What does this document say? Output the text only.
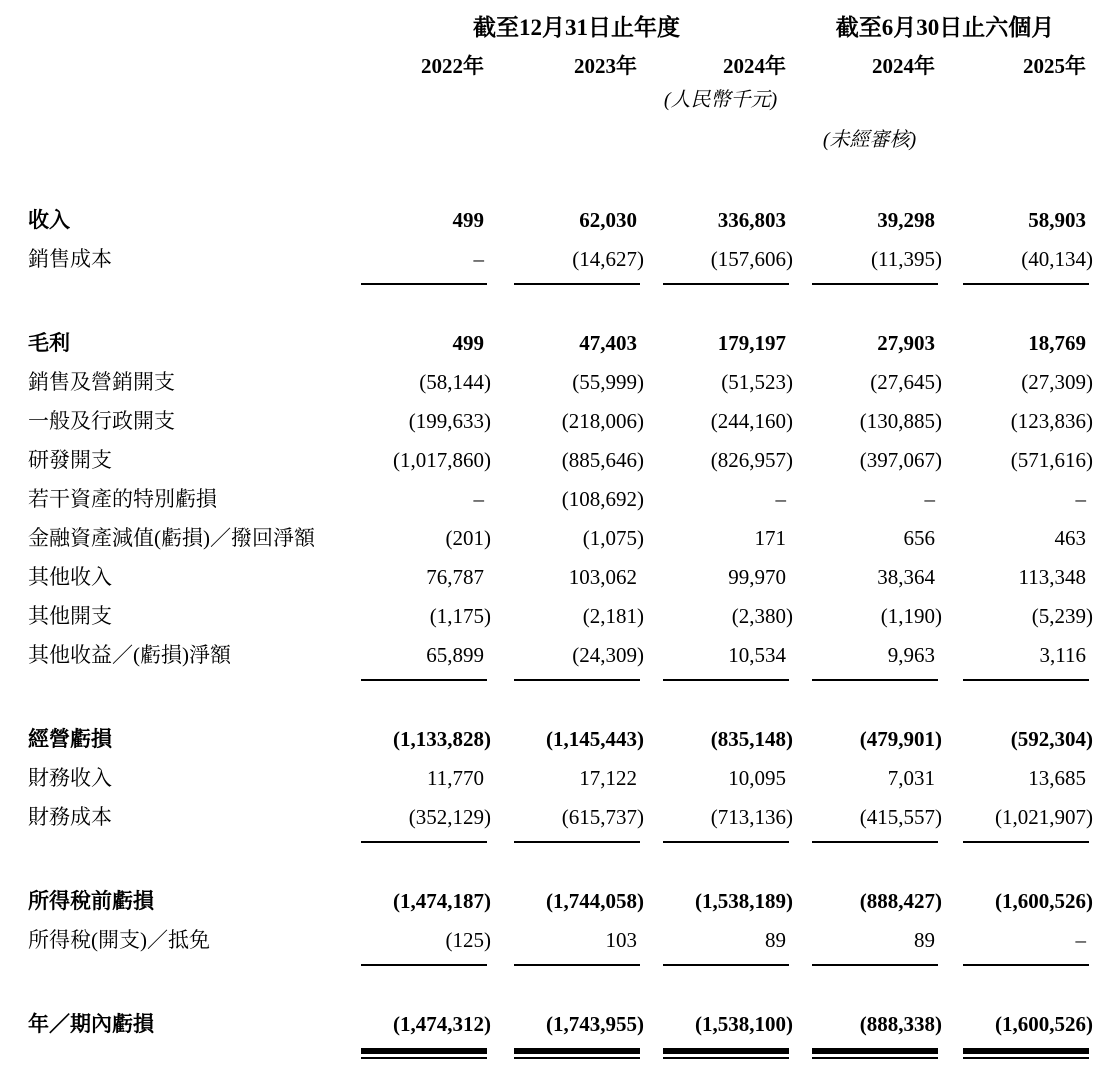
	截至12月31日止年度			截至6月30日止六個月	
	2022年	2023年	2024年	2024年	2025年
			(人民幣千元)		
				(未經審核)	

收入	499	62,030	336,803	39,298	58,903

銷售成本	–	(14,627)	(157,606)	(11,395)	(40,134)

毛利	499	47,403	179,197	27,903	18,769

銷售及營銷開支	(58,144)	(55,999)	(51,523)	(27,645)	(27,309)

一般及行政開支	(199,633)	(218,006)	(244,160)	(130,885)	(123,836)

研發開支	(1,017,860)	(885,646)	(826,957)	(397,067)	(571,616)

若干資產的特別虧損	–	(108,692)	–	–	–

金融資產減值(虧損)／撥回淨額	(201)	(1,075)	171	656	463

其他收入	76,787	103,062	99,970	38,364	113,348

其他開支	(1,175)	(2,181)	(2,380)	(1,190)	(5,239)

其他收益／(虧損)淨額	65,899	(24,309)	10,534	9,963	3,116

經營虧損	(1,133,828)	(1,145,443)	(835,148)	(479,901)	(592,304)

財務收入	11,770	17,122	10,095	7,031	13,685

財務成本	(352,129)	(615,737)	(713,136)	(415,557)	(1,021,907)

所得稅前虧損	(1,474,187)	(1,744,058)	(1,538,189)	(888,427)	(1,600,526)

所得稅(開支)／抵免	(125)	103	89	89	–

年／期內虧損	(1,474,312)	(1,743,955)	(1,538,100)	(888,338)	(1,600,526)
